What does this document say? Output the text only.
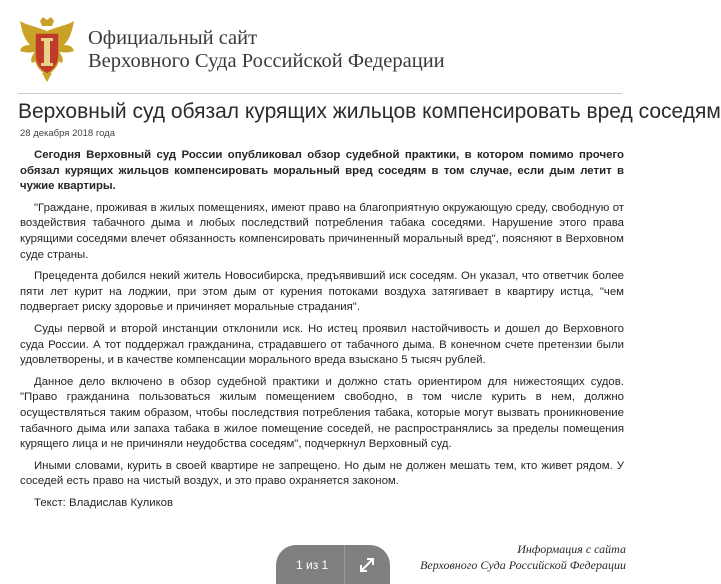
Официальный сайт
Верховного Суда Российской Федерации
Верховный суд обязал курящих жильцов компенсировать вред соседям
28 декабря 2018 года

Сегодня Верховный суд России опубликовал обзор судебной практики, в котором помимо прочего обязал курящих жильцов компенсировать моральный вред соседям в том случае, если дым летит в чужие квартиры.

"Граждане, проживая в жилых помещениях, имеют право на благоприятную окружающую среду, свободную от воздействия табачного дыма и любых последствий потребления табака соседями. Нарушение этого права курящими соседями влечет обязанность компенсировать причиненный моральный вред", поясняют в Верховном суде страны.

Прецедента добился некий житель Новосибирска, предъявивший иск соседям. Он указал, что ответчик более пяти лет курит на лоджии, при этом дым от курения потоками воздуха затягивает в квартиру истца, "чем подвергает риску здоровье и причиняет моральные страдания".

Суды первой и второй инстанции отклонили иск. Но истец проявил настойчивость и дошел до Верховного суда России. А тот поддержал гражданина, страдавшего от табачного дыма. В конечном счете претензии были удовлетворены, и в качестве компенсации морального вреда взыскано 5 тысяч рублей.

Данное дело включено в обзор судебной практики и должно стать ориентиром для нижестоящих судов. "Право гражданина пользоваться жилым помещением свободно, в том числе курить в нем, должно осуществляться таким образом, чтобы последствия потребления табака, которые могут вызвать проникновение табачного дыма или запаха табака в жилое помещение соседей, не распространялись за пределы помещения курящего лица и не причиняли неудобства соседям", подчеркнул Верховный суд.

Иными словами, курить в своей квартире не запрещено. Но дым не должен мешать тем, кто живет рядом. У соседей есть право на чистый воздух, и это право охраняется законом.

Текст: Владислав Куликов

1 из 1
Информация с сайта
Верховного Суда Российской Федерации
